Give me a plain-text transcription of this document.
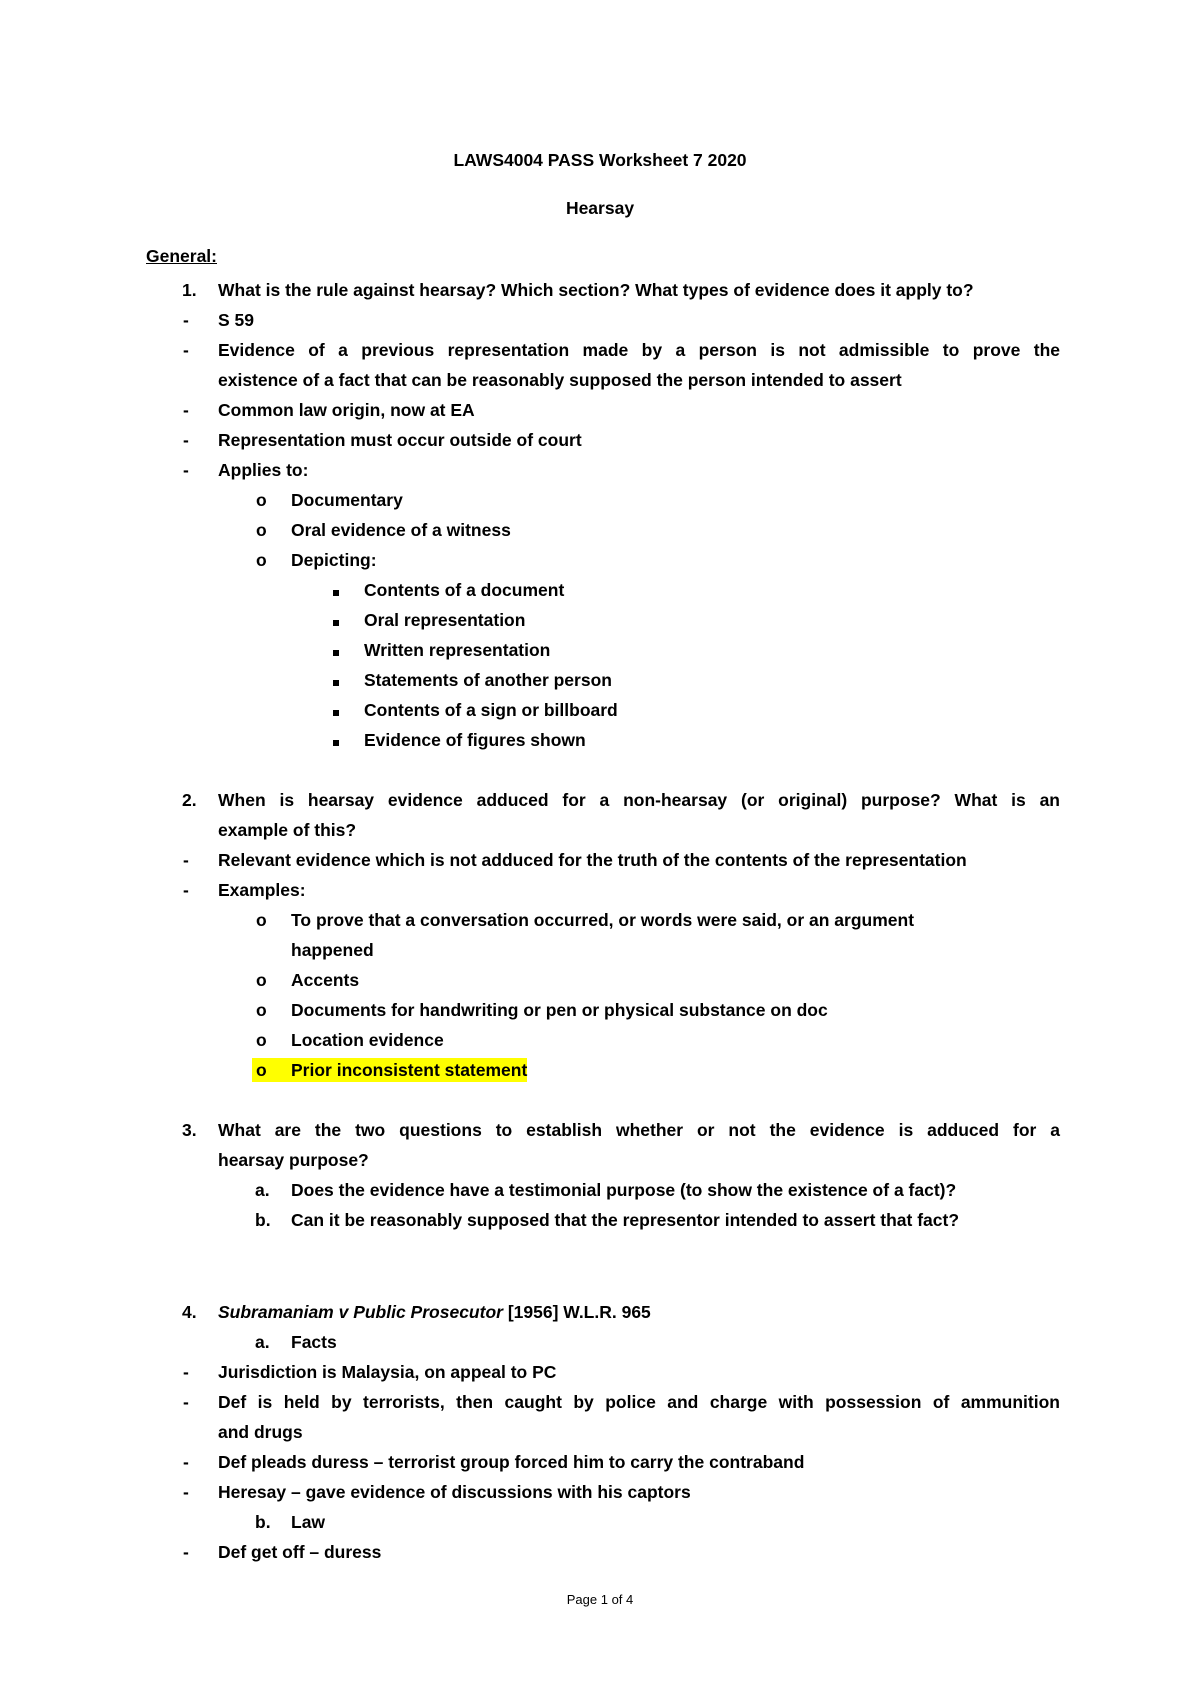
LAWS4004 PASS Worksheet 7 2020
Hearsay
General:
1. What is the rule against hearsay? Which section? What types of evidence does it apply to?
- S 59
- Evidence of a previous representation made by a person is not admissible to prove the
existence of a fact that can be reasonably supposed the person intended to assert
- Common law origin, now at EA
- Representation must occur outside of court
- Applies to:
o Documentary
o Oral evidence of a witness
o Depicting:
Contents of a document
Oral representation
Written representation
Statements of another person
Contents of a sign or billboard
Evidence of figures shown
2. When is hearsay evidence adduced for a non-hearsay (or original) purpose? What is an
example of this?
- Relevant evidence which is not adduced for the truth of the contents of the representation
- Examples:
o To prove that a conversation occurred, or words were said, or an argument
happened
o Accents
o Documents for handwriting or pen or physical substance on doc
o Location evidence
o	Prior inconsistent statement
3. What are the two questions to establish whether or not the evidence is adduced for a
hearsay purpose?
a. Does the evidence have a testimonial purpose (to show the existence of a fact)?
b. Can it be reasonably supposed that the representor intended to assert that fact?
4. Subramaniam v Public Prosecutor [1956] W.L.R. 965
a. Facts
- Jurisdiction is Malaysia, on appeal to PC
- Def is held by terrorists, then caught by police and charge with possession of ammunition
and drugs
- Def pleads duress – terrorist group forced him to carry the contraband
- Heresay – gave evidence of discussions with his captors
b. Law
- Def get off – duress
Page 1 of 4
